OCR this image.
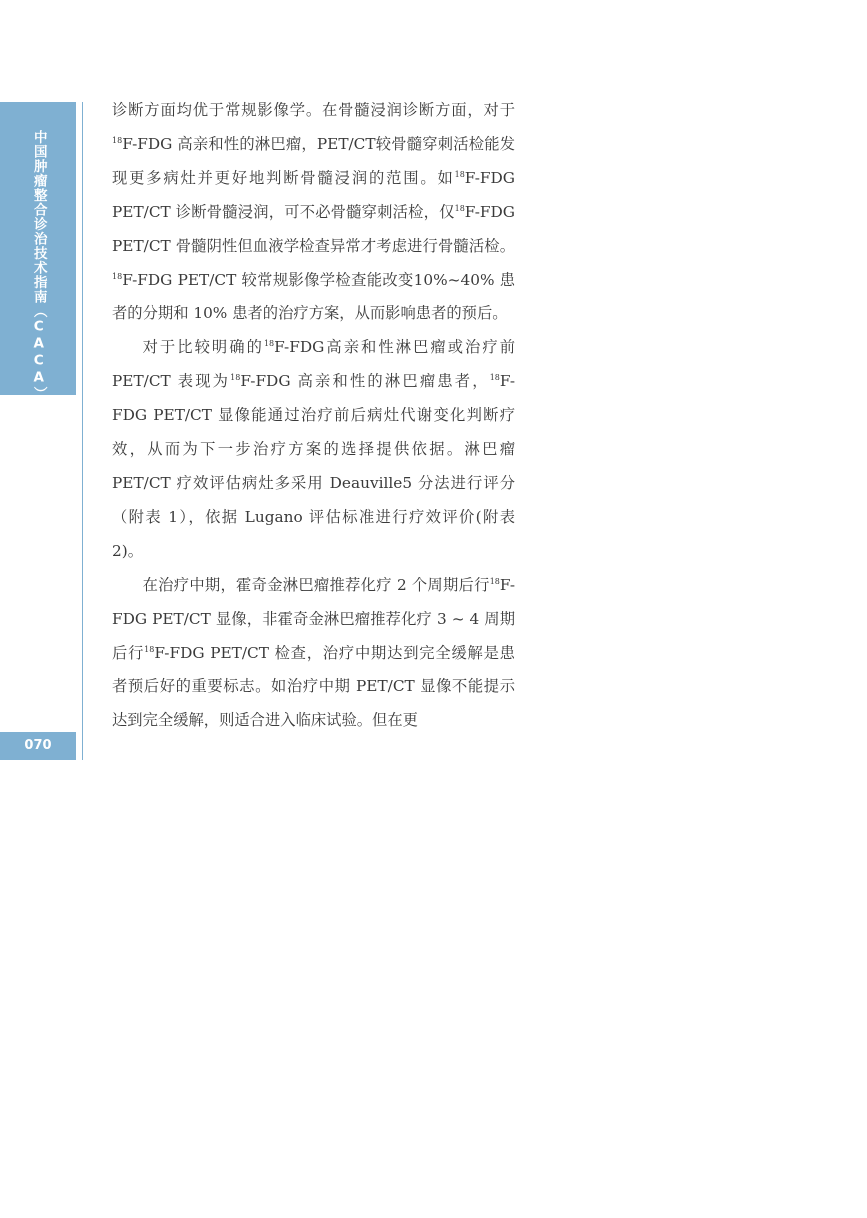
中国肿瘤整合诊治技术指南（CACA）
070

诊断方面均优于常规影像学。在骨髓浸润诊断方面，对于$^{18}$F-FDG 高亲和性的淋巴瘤，PET/CT较骨髓穿刺活检能发现更多病灶并更好地判断骨髓浸润的范围。如$^{18}$F-FDG PET/CT 诊断骨髓浸润，可不必骨髓穿刺活检，仅$^{18}$F-FDG PET/CT 骨髓阴性但血液学检查异常才考虑进行骨髓活检。$^{18}$F-FDG PET/CT 较常规影像学检查能改变10%~40% 患者的分期和 10% 患者的治疗方案，从而影响患者的预后。

对于比较明确的$^{18}$F-FDG高亲和性淋巴瘤或治疗前PET/CT 表现为$^{18}$F-FDG 高亲和性的淋巴瘤患者，$^{18}$F-FDG PET/CT 显像能通过治疗前后病灶代谢变化判断疗效，从而为下一步治疗方案的选择提供依据。淋巴瘤PET/CT 疗效评估病灶多采用 Deauville5 分法进行评分（附表 1），依据 Lugano 评估标准进行疗效评价(附表 2)。

在治疗中期，霍奇金淋巴瘤推荐化疗 2 个周期后行$^{18}$F-FDG PET/CT 显像，非霍奇金淋巴瘤推荐化疗 3 ~ 4 周期后行$^{18}$F-FDG PET/CT 检查，治疗中期达到完全缓解是患者预后好的重要标志。如治疗中期 PET/CT 显像不能提示达到完全缓解，则适合进入临床试验。但在更
